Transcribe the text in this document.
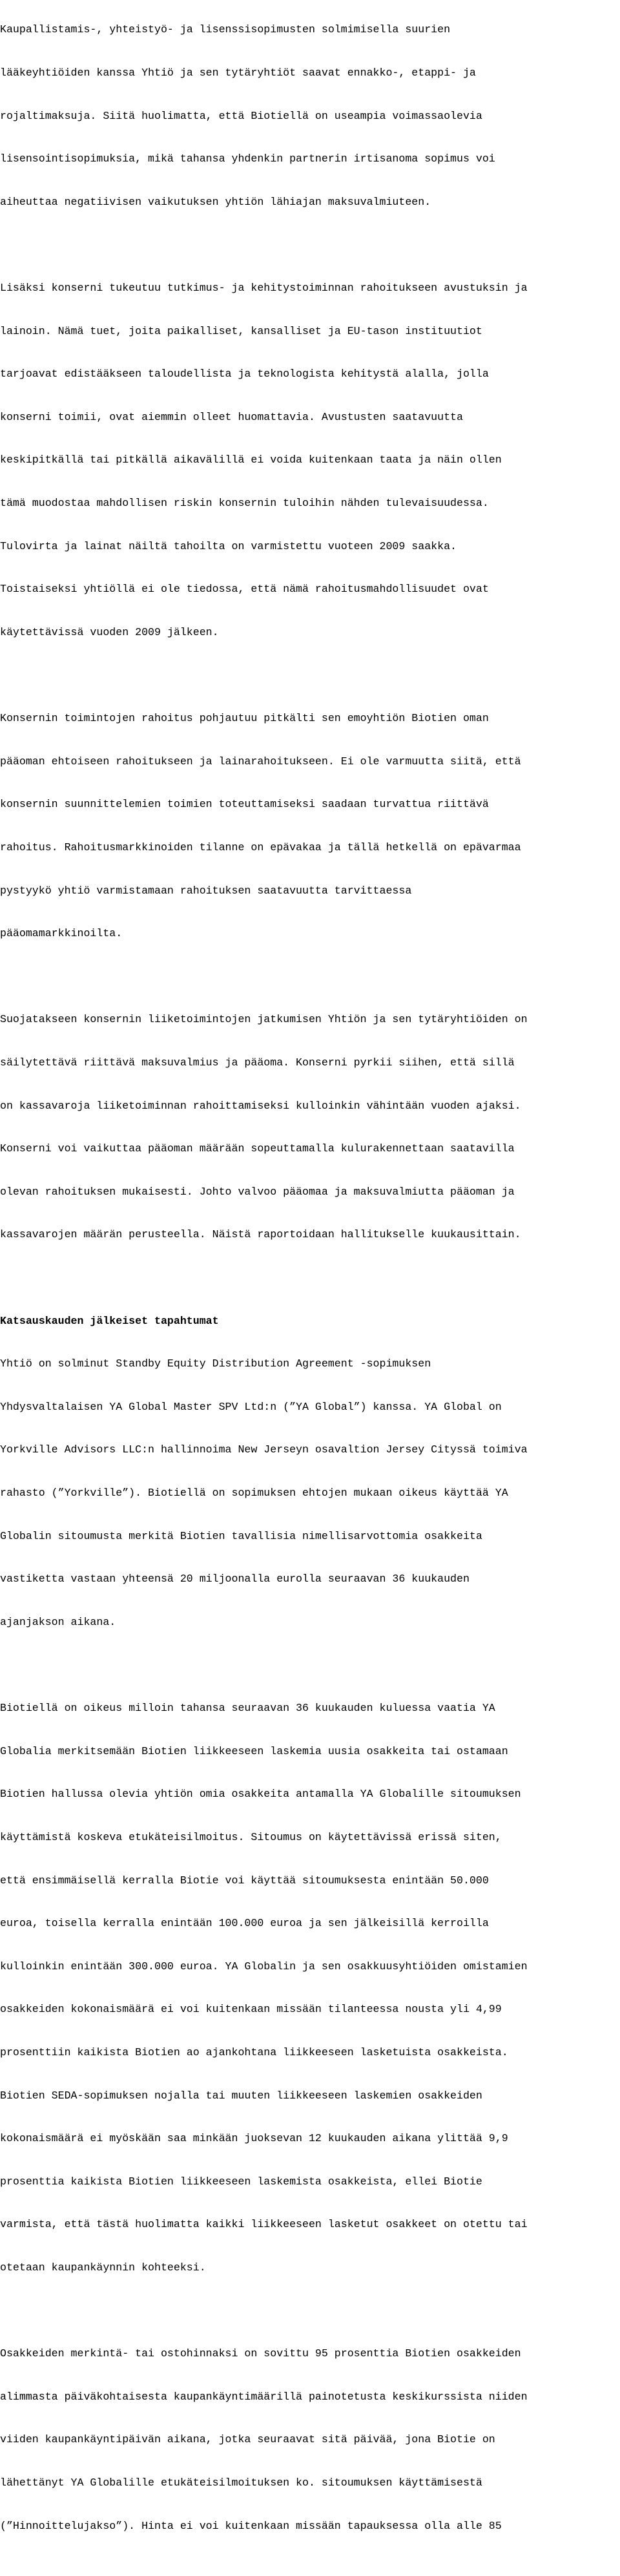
Kaupallistamis-, yhteistyö- ja lisenssisopimusten solmimisella suurien

lääkeyhtiöiden kanssa Yhtiö ja sen tytäryhtiöt saavat ennakko-, etappi- ja

rojaltimaksuja. Siitä huolimatta, että Biotiellä on useampia voimassaolevia

lisensointisopimuksia, mikä tahansa yhdenkin partnerin irtisanoma sopimus voi

aiheuttaa negatiivisen vaikutuksen yhtiön lähiajan maksuvalmiuteen.

Lisäksi konserni tukeutuu tutkimus- ja kehitystoiminnan rahoitukseen avustuksin ja

lainoin. Nämä tuet, joita paikalliset, kansalliset ja EU-tason instituutiot

tarjoavat edistääkseen taloudellista ja teknologista kehitystä alalla, jolla

konserni toimii, ovat aiemmin olleet huomattavia. Avustusten saatavuutta

keskipitkällä tai pitkällä aikavälillä ei voida kuitenkaan taata ja näin ollen

tämä muodostaa mahdollisen riskin konsernin tuloihin nähden tulevaisuudessa.

Tulovirta ja lainat näiltä tahoilta on varmistettu vuoteen 2009 saakka.

Toistaiseksi yhtiöllä ei ole tiedossa, että nämä rahoitusmahdollisuudet ovat

käytettävissä vuoden 2009 jälkeen.

Konsernin toimintojen rahoitus pohjautuu pitkälti sen emoyhtiön Biotien oman

pääoman ehtoiseen rahoitukseen ja lainarahoitukseen. Ei ole varmuutta siitä, että

konsernin suunnittelemien toimien toteuttamiseksi saadaan turvattua riittävä

rahoitus. Rahoitusmarkkinoiden tilanne on epävakaa ja tällä hetkellä on epävarmaa

pystyykö yhtiö varmistamaan rahoituksen saatavuutta tarvittaessa

pääomamarkkinoilta.

Suojatakseen konsernin liiketoimintojen jatkumisen Yhtiön ja sen tytäryhtiöiden on

säilytettävä riittävä maksuvalmius ja pääoma. Konserni pyrkii siihen, että sillä

on kassavaroja liiketoiminnan rahoittamiseksi kulloinkin vähintään vuoden ajaksi.

Konserni voi vaikuttaa pääoman määrään sopeuttamalla kulurakennettaan saatavilla

olevan rahoituksen mukaisesti. Johto valvoo pääomaa ja maksuvalmiutta pääoman ja

kassavarojen määrän perusteella. Näistä raportoidaan hallitukselle kuukausittain.

Katsauskauden jälkeiset tapahtumat

Yhtiö on solminut Standby Equity Distribution Agreement -sopimuksen

Yhdysvaltalaisen YA Global Master SPV Ltd:n (”YA Global”) kanssa. YA Global on

Yorkville Advisors LLC:n hallinnoima New Jerseyn osavaltion Jersey Cityssä toimiva

rahasto (”Yorkville”). Biotiellä on sopimuksen ehtojen mukaan oikeus käyttää YA

Globalin sitoumusta merkitä Biotien tavallisia nimellisarvottomia osakkeita

vastiketta vastaan yhteensä 20 miljoonalla eurolla seuraavan 36 kuukauden

ajanjakson aikana.

Biotiellä on oikeus milloin tahansa seuraavan 36 kuukauden kuluessa vaatia YA

Globalia merkitsemään Biotien liikkeeseen laskemia uusia osakkeita tai ostamaan

Biotien hallussa olevia yhtiön omia osakkeita antamalla YA Globalille sitoumuksen

käyttämistä koskeva etukäteisilmoitus. Sitoumus on käytettävissä erissä siten,

että ensimmäisellä kerralla Biotie voi käyttää sitoumuksesta enintään 50.000

euroa, toisella kerralla enintään 100.000 euroa ja sen jälkeisillä kerroilla

kulloinkin enintään 300.000 euroa. YA Globalin ja sen osakkuusyhtiöiden omistamien

osakkeiden kokonaismäärä ei voi kuitenkaan missään tilanteessa nousta yli 4,99

prosenttiin kaikista Biotien ao ajankohtana liikkeeseen lasketuista osakkeista.

Biotien SEDA-sopimuksen nojalla tai muuten liikkeeseen laskemien osakkeiden

kokonaismäärä ei myöskään saa minkään juoksevan 12 kuukauden aikana ylittää 9,9

prosenttia kaikista Biotien liikkeeseen laskemista osakkeista, ellei Biotie

varmista, että tästä huolimatta kaikki liikkeeseen lasketut osakkeet on otettu tai

otetaan kaupankäynnin kohteeksi.

Osakkeiden merkintä- tai ostohinnaksi on sovittu 95 prosenttia Biotien osakkeiden

alimmasta päiväkohtaisesta kaupankäyntimäärillä painotetusta keskikurssista niiden

viiden kaupankäyntipäivän aikana, jotka seuraavat sitä päivää, jona Biotie on

lähettänyt YA Globalille etukäteisilmoituksen ko. sitoumuksen käyttämisestä

(”Hinnoittelujakso”). Hinta ei voi kuitenkaan missään tapauksessa olla alle 85
